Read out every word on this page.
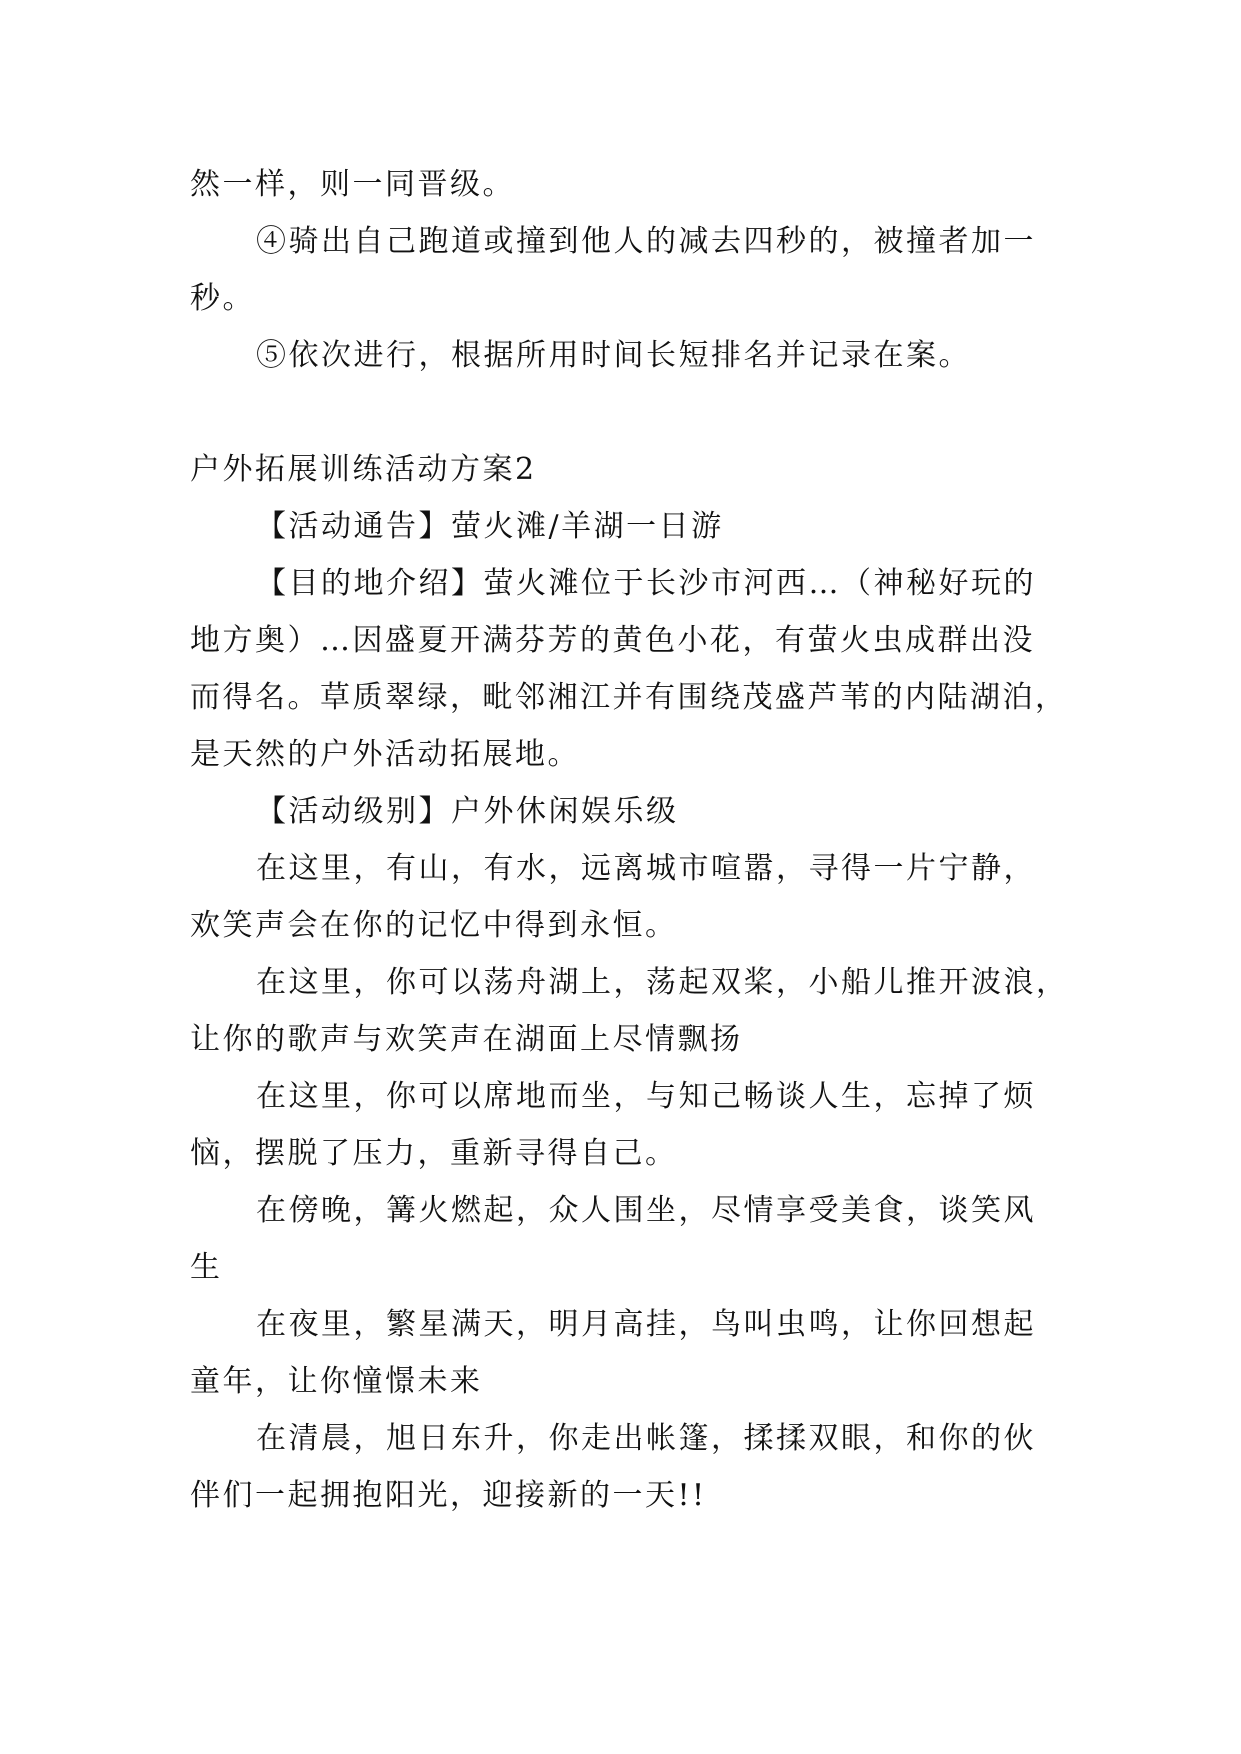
然一样，则一同晋级。
④骑出自己跑道或撞到他人的减去四秒的，被撞者加一
秒。
⑤依次进行，根据所用时间长短排名并记录在案。
户外拓展训练活动方案2
【活动通告】萤火滩/羊湖一日游
【目的地介绍】萤火滩位于长沙市河西…（神秘好玩的
地方奥）…因盛夏开满芬芳的黄色小花，有萤火虫成群出没
而得名。草质翠绿，毗邻湘江并有围绕茂盛芦苇的内陆湖泊，
是天然的户外活动拓展地。
【活动级别】户外休闲娱乐级
在这里，有山，有水，远离城市喧嚣，寻得一片宁静，
欢笑声会在你的记忆中得到永恒。
在这里，你可以荡舟湖上，荡起双桨，小船儿推开波浪，
让你的歌声与欢笑声在湖面上尽情飘扬
在这里，你可以席地而坐，与知己畅谈人生，忘掉了烦
恼，摆脱了压力，重新寻得自己。
在傍晚，篝火燃起，众人围坐，尽情享受美食，谈笑风
生
在夜里，繁星满天，明月高挂，鸟叫虫鸣，让你回想起
童年，让你憧憬未来
在清晨，旭日东升，你走出帐篷，揉揉双眼，和你的伙
伴们一起拥抱阳光，迎接新的一天!!
